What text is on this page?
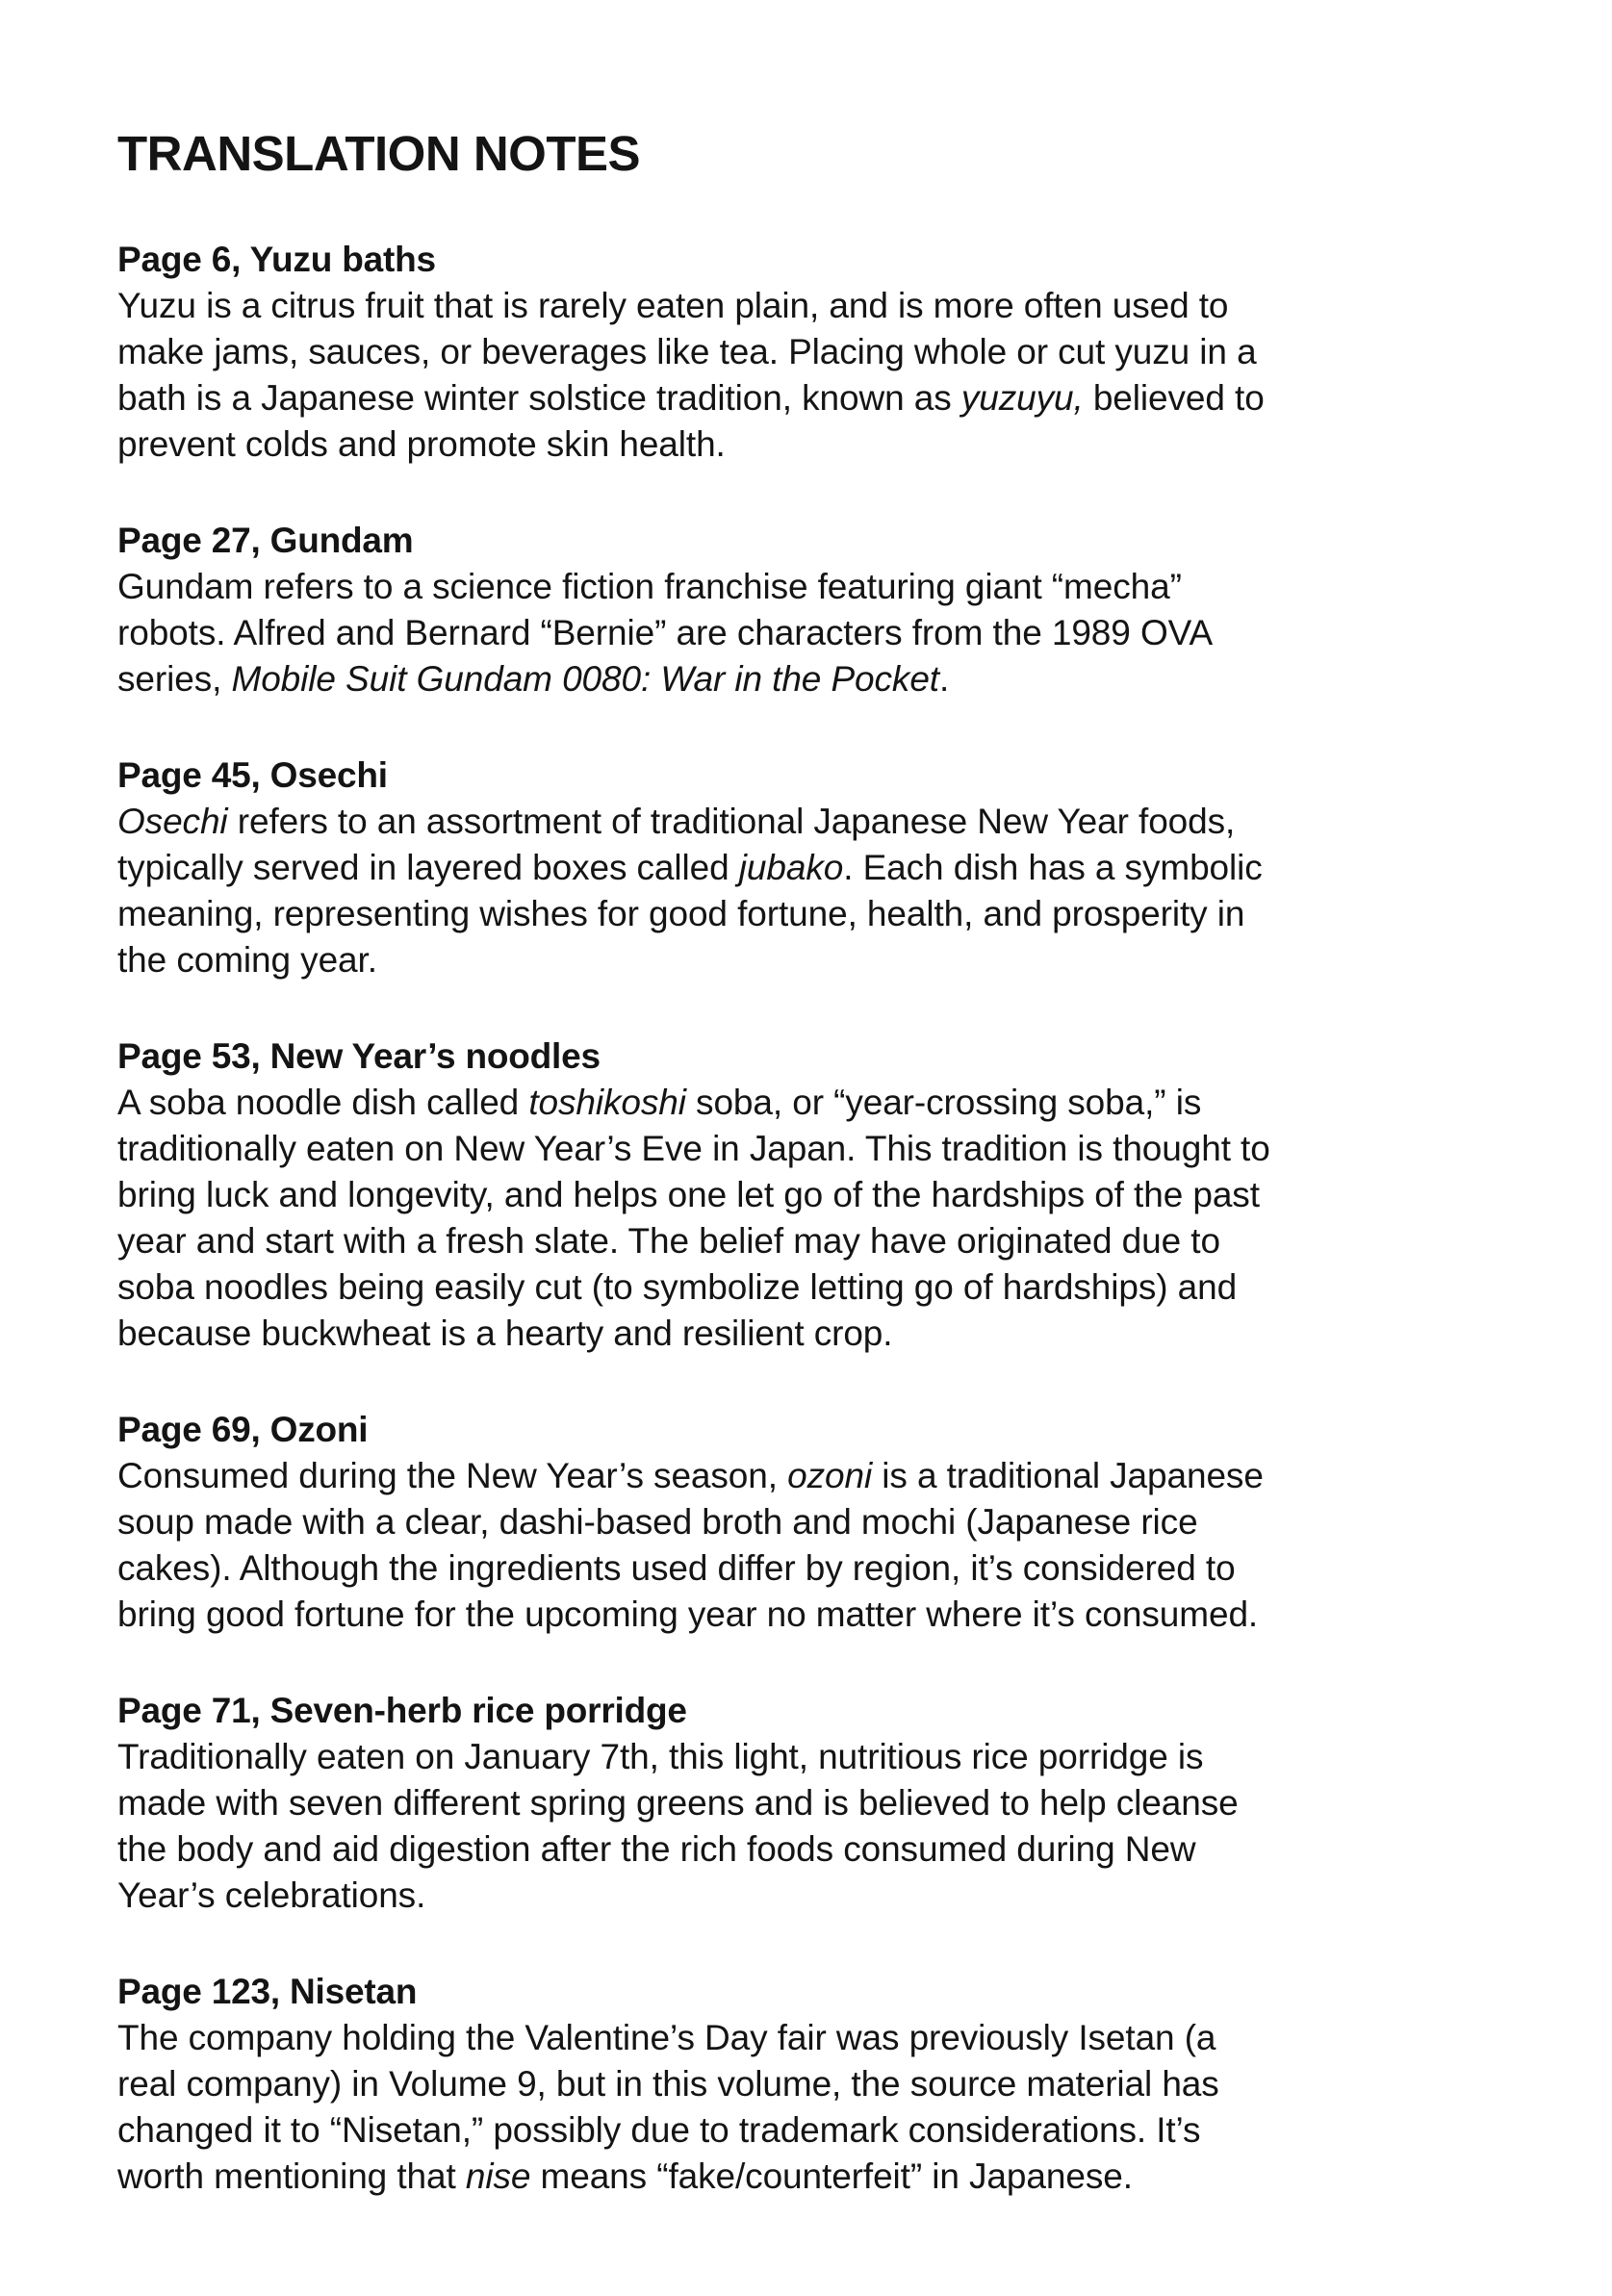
TRANSLATION NOTES
Page 6, Yuzu baths

Yuzu is a citrus fruit that is rarely eaten plain, and is more often used to
make jams, sauces, or beverages like tea. Placing whole or cut yuzu in a
bath is a Japanese winter solstice tradition, known as yuzuyu, believed to
prevent colds and promote skin health.

Page 27, Gundam

Gundam refers to a science fiction franchise featuring giant “mecha”
robots. Alfred and Bernard “Bernie” are characters from the 1989 OVA
series, Mobile Suit Gundam 0080: War in the Pocket.

Page 45, Osechi

Osechi refers to an assortment of traditional Japanese New Year foods,
typically served in layered boxes called jubako. Each dish has a symbolic
meaning, representing wishes for good fortune, health, and prosperity in
the coming year.

Page 53, New Year’s noodles

A soba noodle dish called toshikoshi soba, or “year-crossing soba,” is
traditionally eaten on New Year’s Eve in Japan. This tradition is thought to
bring luck and longevity, and helps one let go of the hardships of the past
year and start with a fresh slate. The belief may have originated due to
soba noodles being easily cut (to symbolize letting go of hardships) and
because buckwheat is a hearty and resilient crop.

Page 69, Ozoni

Consumed during the New Year’s season, ozoni is a traditional Japanese
soup made with a clear, dashi-based broth and mochi (Japanese rice
cakes). Although the ingredients used differ by region, it’s considered to
bring good fortune for the upcoming year no matter where it’s consumed.

Page 71, Seven-herb rice porridge

Traditionally eaten on January 7th, this light, nutritious rice porridge is
made with seven different spring greens and is believed to help cleanse
the body and aid digestion after the rich foods consumed during New
Year’s celebrations.

Page 123, Nisetan

The company holding the Valentine’s Day fair was previously Isetan (a
real company) in Volume 9, but in this volume, the source material has
changed it to “Nisetan,” possibly due to trademark considerations. It’s
worth mentioning that nise means “fake/counterfeit” in Japanese.
